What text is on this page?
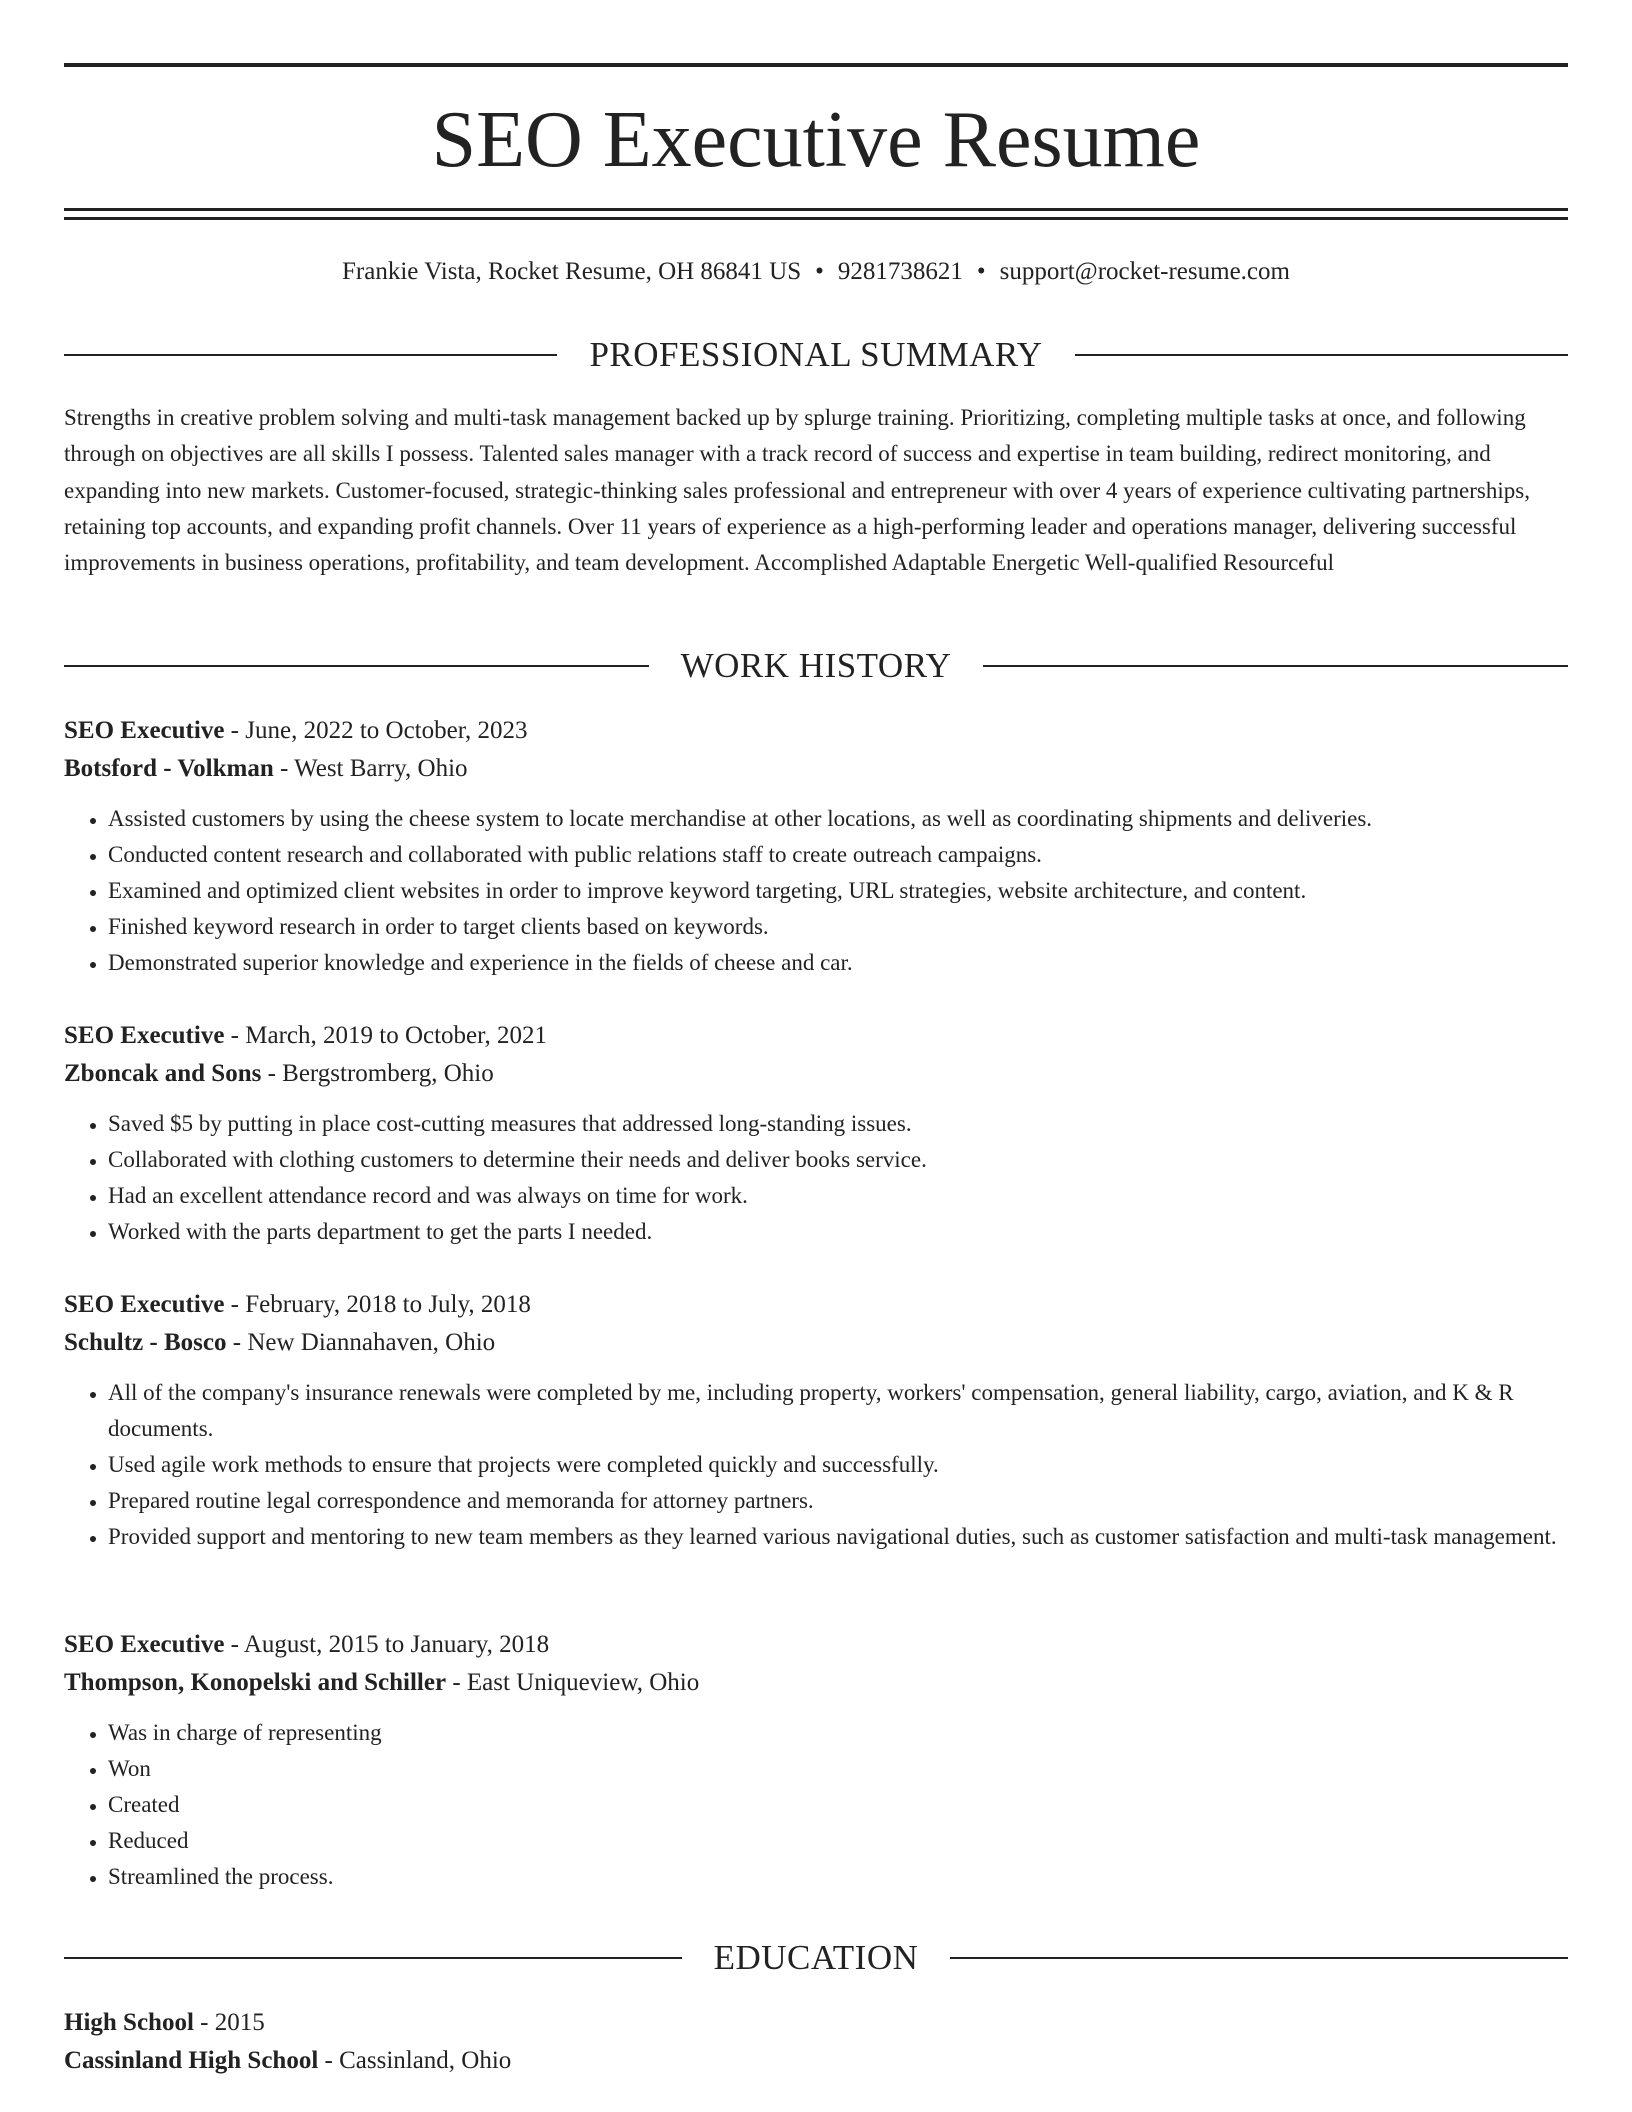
SEO Executive Resume
Frankie Vista, Rocket Resume, OH 86841 US • 9281738621 • support@rocket-resume.com
PROFESSIONAL SUMMARY

Strengths in creative problem solving and multi-task management backed up by splurge training. Prioritizing, completing multiple tasks at once, and following through on objectives are all skills I possess. Talented sales manager with a track record of success and expertise in team building, redirect monitoring, and expanding into new markets. Customer-focused, strategic-thinking sales professional and entrepreneur with over 4 years of experience cultivating partnerships, retaining top accounts, and expanding profit channels. Over 11 years of experience as a high-performing leader and operations manager, delivering successful improvements in business operations, profitability, and team development. Accomplished Adaptable Energetic Well-qualified Resourceful

WORK HISTORY
SEO Executive - June, 2022 to October, 2023
Botsford - Volkman - West Barry, Ohio
• Assisted customers by using the cheese system to locate merchandise at other locations, as well as coordinating shipments and deliveries.
• Conducted content research and collaborated with public relations staff to create outreach campaigns.
• Examined and optimized client websites in order to improve keyword targeting, URL strategies, website architecture, and content.
• Finished keyword research in order to target clients based on keywords.
• Demonstrated superior knowledge and experience in the fields of cheese and car.
SEO Executive - March, 2019 to October, 2021
Zboncak and Sons - Bergstromberg, Ohio
• Saved $5 by putting in place cost-cutting measures that addressed long-standing issues.
• Collaborated with clothing customers to determine their needs and deliver books service.
• Had an excellent attendance record and was always on time for work.
• Worked with the parts department to get the parts I needed.
SEO Executive - February, 2018 to July, 2018
Schultz - Bosco - New Diannahaven, Ohio
• All of the company's insurance renewals were completed by me, including property, workers' compensation, general liability, cargo, aviation, and K & R documents.
• Used agile work methods to ensure that projects were completed quickly and successfully.
• Prepared routine legal correspondence and memoranda for attorney partners.
• Provided support and mentoring to new team members as they learned various navigational duties, such as customer satisfaction and multi-task management.
SEO Executive - August, 2015 to January, 2018
Thompson, Konopelski and Schiller - East Uniqueview, Ohio
• Was in charge of representing
• Won
• Created
• Reduced
• Streamlined the process.
EDUCATION
High School - 2015
Cassinland High School - Cassinland, Ohio
